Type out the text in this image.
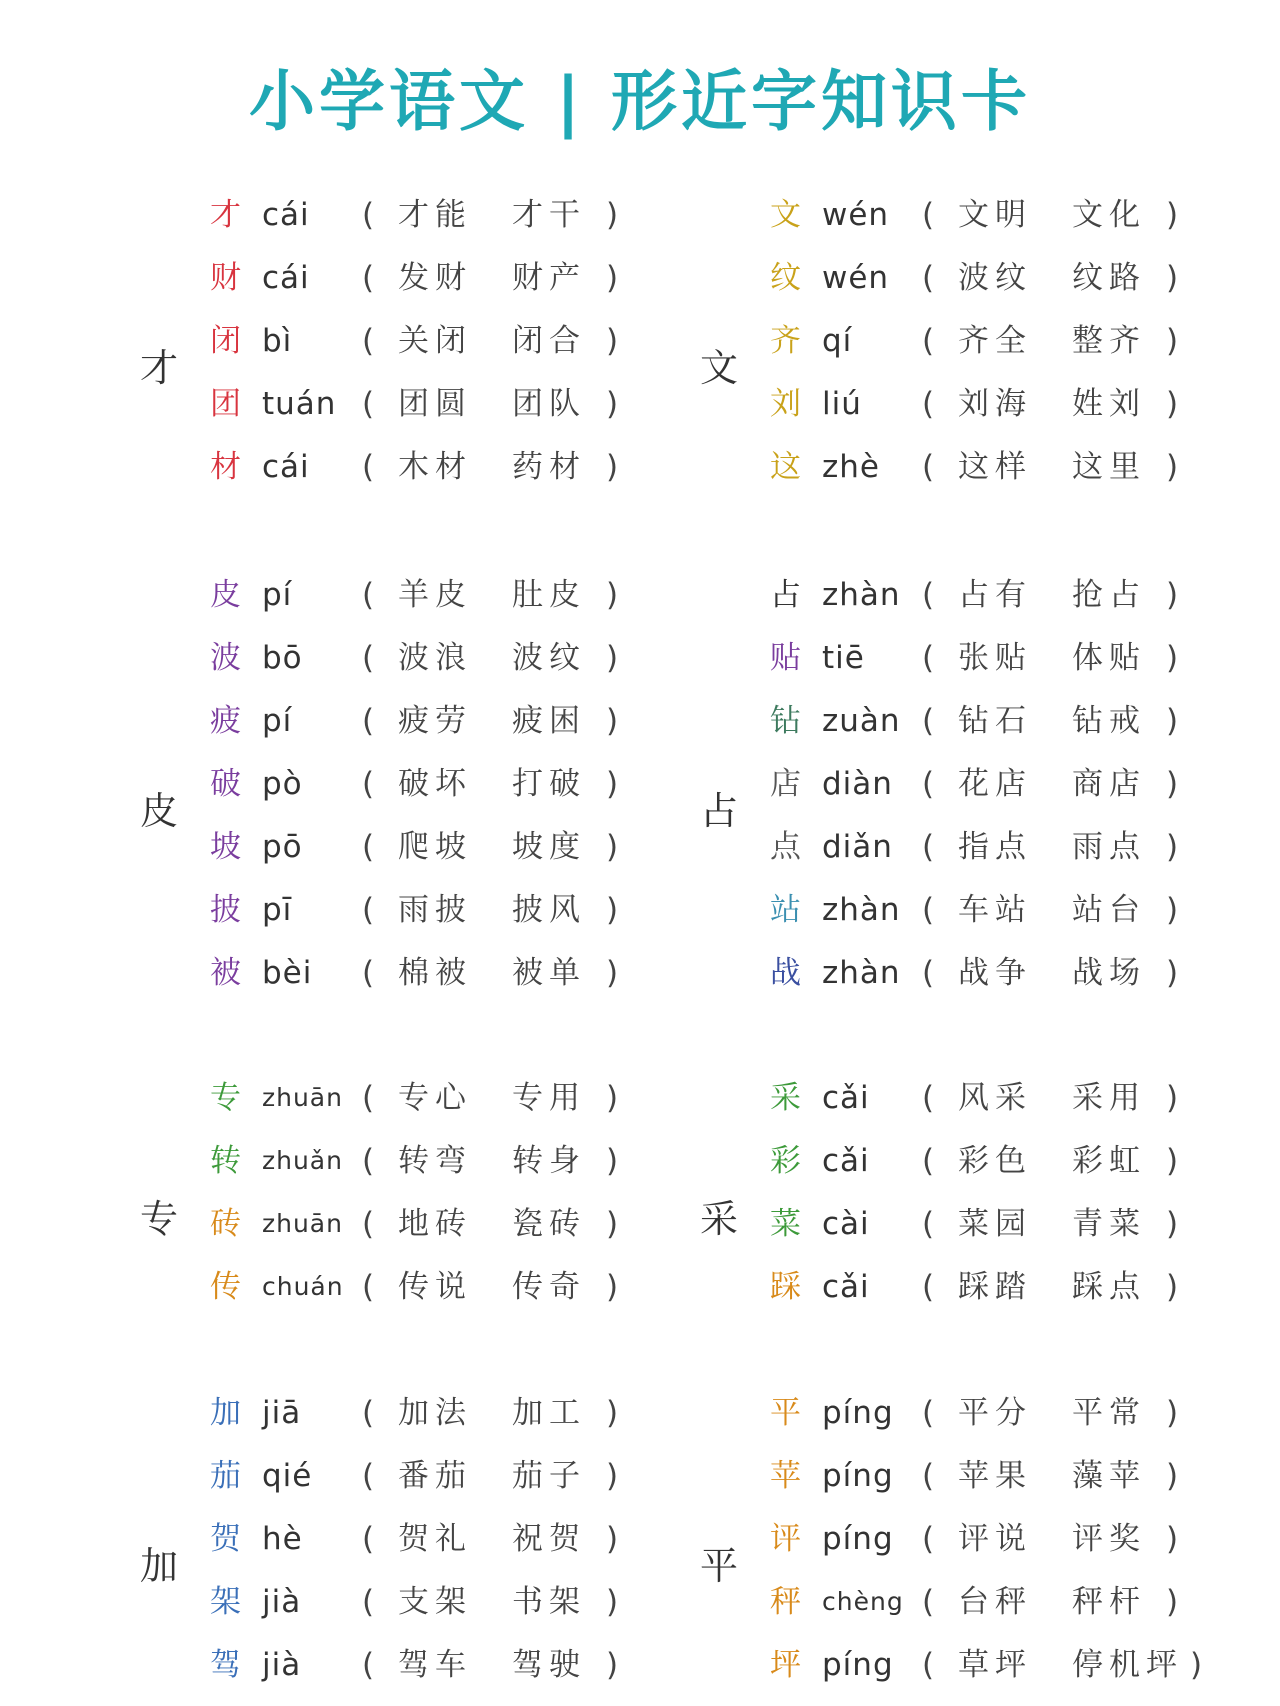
小学语文 | 形近字知识卡
才
才 cái ( 才能 才干 )
财 cái ( 发财 财产 )
闭 bì ( 关闭 闭合 )
团 tuán ( 团圆 团队 )
材 cái ( 木材 药材 )
文
文 wén ( 文明 文化 )
纹 wén ( 波纹 纹路 )
齐 qí ( 齐全 整齐 )
刘 liú ( 刘海 姓刘 )
这 zhè ( 这样 这里 )
皮
皮 pí ( 羊皮 肚皮 )
波 bō ( 波浪 波纹 )
疲 pí ( 疲劳 疲困 )
破 pò ( 破坏 打破 )
坡 pō ( 爬坡 坡度 )
披 pī ( 雨披 披风 )
被 bèi ( 棉被 被单 )
占
占 zhàn ( 占有 抢占 )
贴 tiē ( 张贴 体贴 )
钻 zuàn ( 钻石 钻戒 )
店 diàn ( 花店 商店 )
点 diǎn ( 指点 雨点 )
站 zhàn ( 车站 站台 )
战 zhàn ( 战争 战场 )
专
专 zhuān ( 专心 专用 )
转 zhuǎn ( 转弯 转身 )
砖 zhuān ( 地砖 瓷砖 )
传 chuán ( 传说 传奇 )
采
采 cǎi ( 风采 采用 )
彩 cǎi ( 彩色 彩虹 )
菜 cài ( 菜园 青菜 )
踩 cǎi ( 踩踏 踩点 )
加
加 jiā ( 加法 加工 )
茄 qié ( 番茄 茄子 )
贺 hè ( 贺礼 祝贺 )
架 jià ( 支架 书架 )
驾 jià ( 驾车 驾驶 )
平
平 píng ( 平分 平常 )
苹 píng ( 苹果 藻苹 )
评 píng ( 评说 评奖 )
秤 chèng ( 台秤 秤杆 )
坪 píng ( 草坪 停机坪 )
